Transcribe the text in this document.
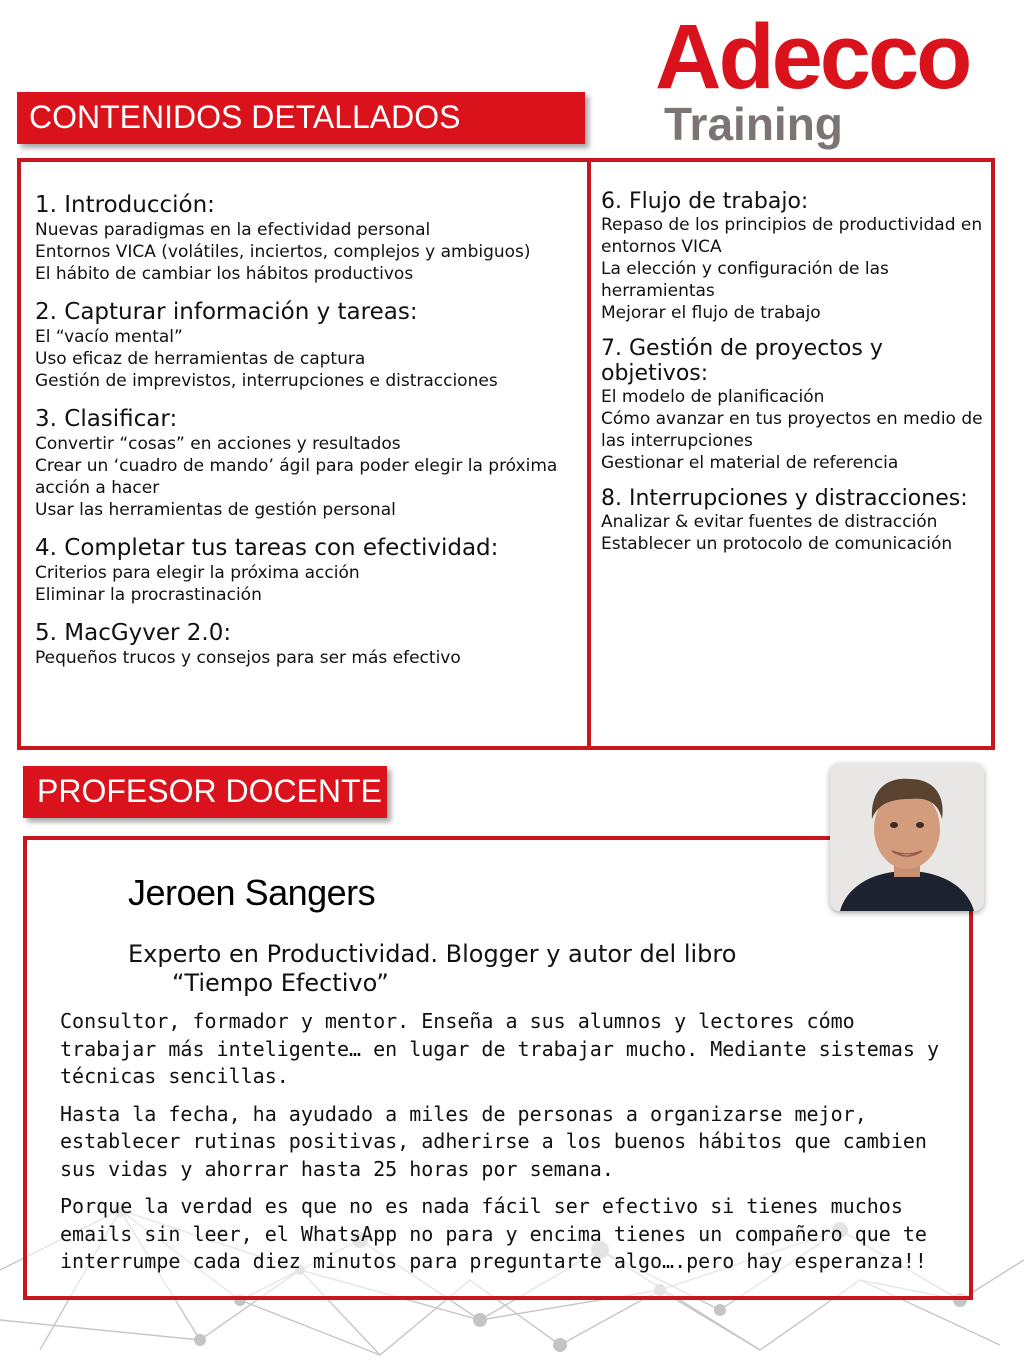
Adecco
Training
CONTENIDOS DETALLADOS
1. Introducción:
Nuevas paradigmas en la efectividad personal
Entornos VICA (volátiles, inciertos, complejos y ambiguos)
El hábito de cambiar los hábitos productivos
2. Capturar información y tareas:
El “vacío mental”
Uso eficaz de herramientas de captura
Gestión de imprevistos, interrupciones e distracciones
3. Clasificar:
Convertir “cosas” en acciones y resultados
Crear un ‘cuadro de mando’ ágil para poder elegir la próxima acción a hacer
Usar las herramientas de gestión personal
4. Completar tus tareas con efectividad:
Criterios para elegir la próxima acción
Eliminar la procrastinación
5. MacGyver 2.0:
Pequeños trucos y consejos para ser más efectivo
6. Flujo de trabajo:
Repaso de los principios de productividad en entornos VICA
La elección y configuración de las herramientas
Mejorar el flujo de trabajo
7. Gestión de proyectos y objetivos:
El modelo de planificación
Cómo avanzar en tus proyectos en medio de las interrupciones
Gestionar el material de referencia
8. Interrupciones y distracciones:
Analizar & evitar fuentes de distracción
Establecer un protocolo de comunicación
PROFESOR DOCENTE
Jeroen Sangers
Experto en Productividad. Blogger y autor del libro
“Tiempo Efectivo”

Consultor, formador y mentor. Enseña a sus alumnos y lectores cómo trabajar más inteligente… en lugar de trabajar mucho. Mediante sistemas y técnicas sencillas.

Hasta la fecha, ha ayudado a miles de personas a organizarse mejor, establecer rutinas positivas, adherirse a los buenos hábitos que cambien sus vidas y ahorrar hasta 25 horas por semana.

Porque la verdad es que no es nada fácil ser efectivo si tienes muchos emails sin leer, el WhatsApp no para y encima tienes un compañero que te interrumpe cada diez minutos para preguntarte algo….pero hay esperanza!!
